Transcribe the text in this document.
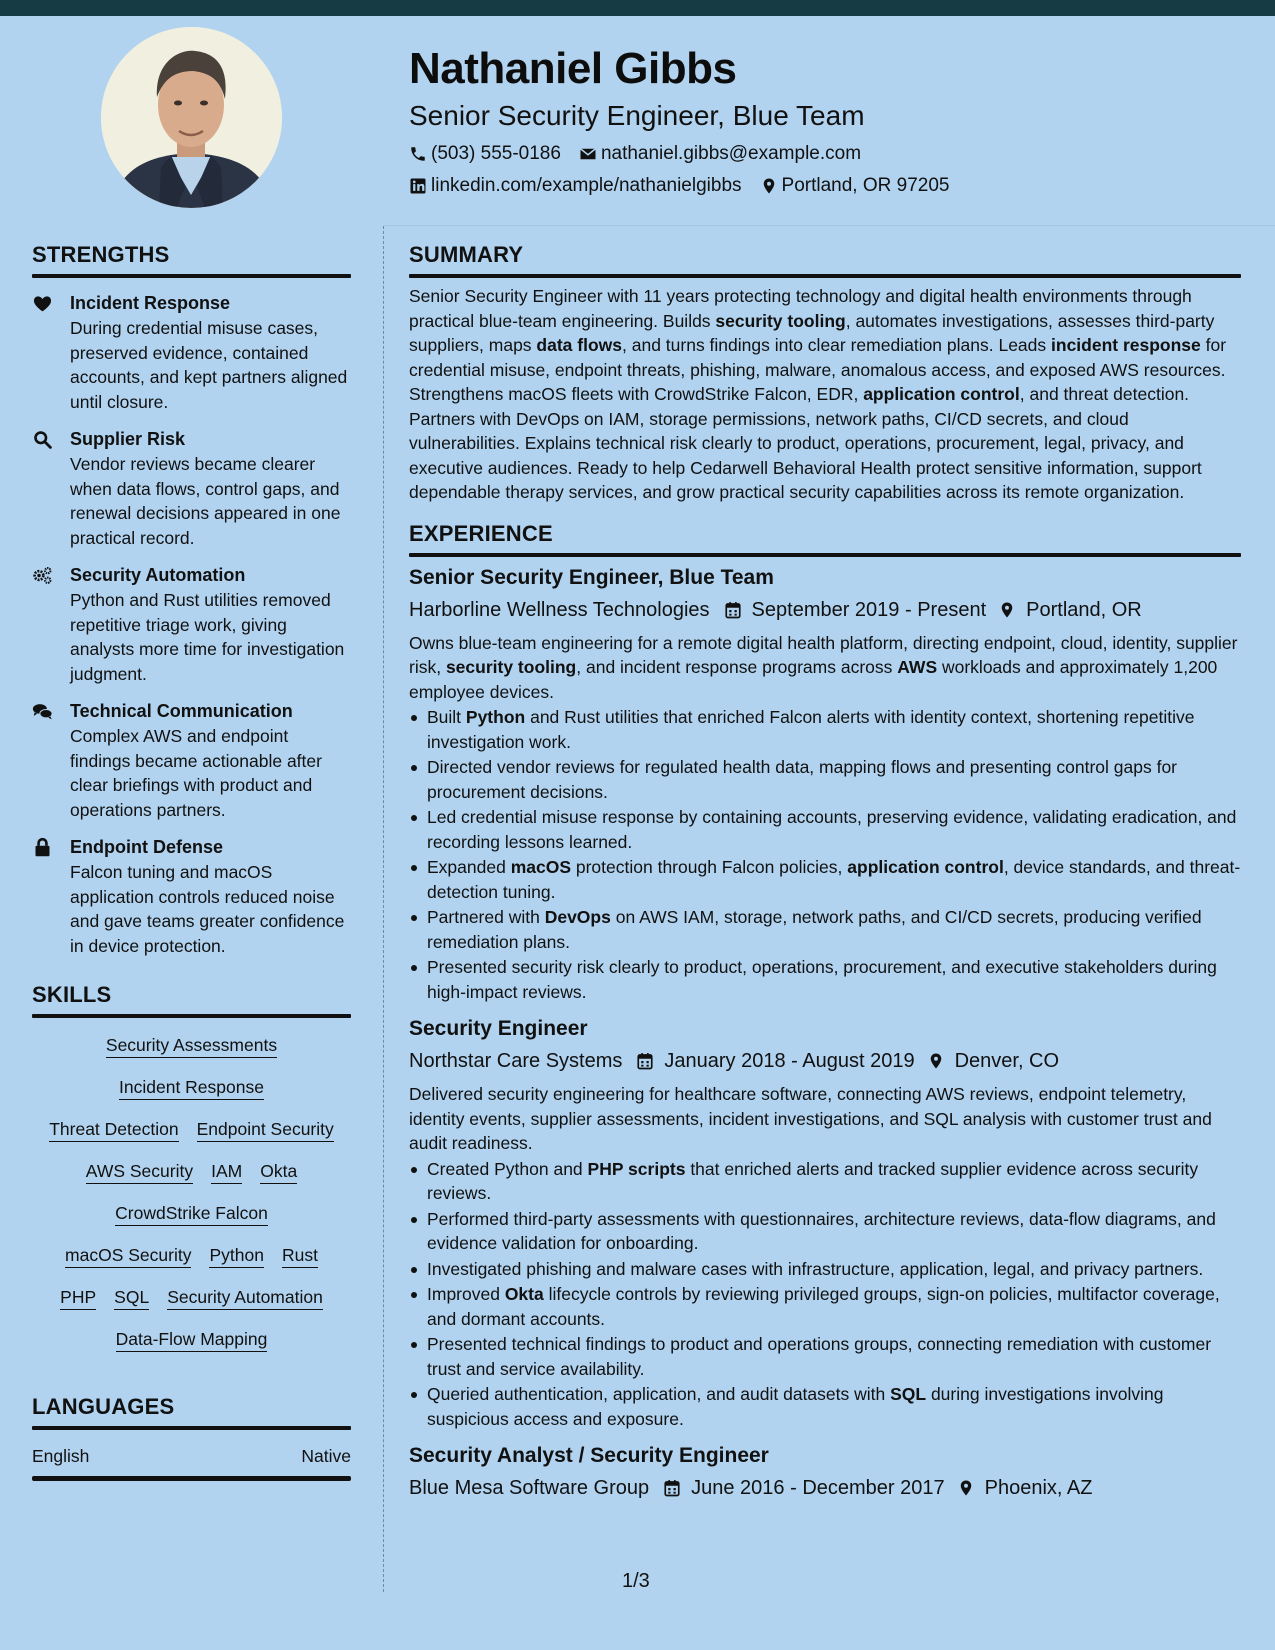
Nathaniel Gibbs
Senior Security Engineer, Blue Team
(503) 555-0186 nathaniel.gibbs@example.com
linkedin.com/example/nathanielgibbs Portland, OR 97205
STRENGTHS
Incident Response
During credential misuse cases, preserved evidence, contained accounts, and kept partners aligned until closure.
Supplier Risk
Vendor reviews became clearer when data flows, control gaps, and renewal decisions appeared in one practical record.
Security Automation
Python and Rust utilities removed repetitive triage work, giving analysts more time for investigation judgment.
Technical Communication
Complex AWS and endpoint findings became actionable after clear briefings with product and operations partners.
Endpoint Defense
Falcon tuning and macOS application controls reduced noise and gave teams greater confidence in device protection.
SKILLS
Security Assessments
Incident Response
Threat Detection Endpoint Security
AWS Security IAM Okta
CrowdStrike Falcon
macOS Security Python Rust
PHP SQL Security Automation
Data-Flow Mapping
LANGUAGES
English	Native
SUMMARY
Senior Security Engineer with 11 years protecting technology and digital health environments through practical blue-team engineering. Builds security tooling, automates investigations, assesses third-party suppliers, maps data flows, and turns findings into clear remediation plans. Leads incident response for credential misuse, endpoint threats, phishing, malware, anomalous access, and exposed AWS resources. Strengthens macOS fleets with CrowdStrike Falcon, EDR, application control, and threat detection. Partners with DevOps on IAM, storage permissions, network paths, CI/CD secrets, and cloud vulnerabilities. Explains technical risk clearly to product, operations, procurement, legal, privacy, and executive audiences. Ready to help Cedarwell Behavioral Health protect sensitive information, support dependable therapy services, and grow practical security capabilities across its remote organization.
EXPERIENCE
Senior Security Engineer, Blue Team
Harborline Wellness Technologies September 2019 - Present Portland, OR
Owns blue-team engineering for a remote digital health platform, directing endpoint, cloud, identity, supplier risk, security tooling, and incident response programs across AWS workloads and approximately 1,200 employee devices.
Built Python and Rust utilities that enriched Falcon alerts with identity context, shortening repetitive investigation work.
Directed vendor reviews for regulated health data, mapping flows and presenting control gaps for procurement decisions.
Led credential misuse response by containing accounts, preserving evidence, validating eradication, and recording lessons learned.
Expanded macOS protection through Falcon policies, application control, device standards, and threat-detection tuning.
Partnered with DevOps on AWS IAM, storage, network paths, and CI/CD secrets, producing verified remediation plans.
Presented security risk clearly to product, operations, procurement, and executive stakeholders during high-impact reviews.
Security Engineer
Northstar Care Systems January 2018 - August 2019 Denver, CO
Delivered security engineering for healthcare software, connecting AWS reviews, endpoint telemetry, identity events, supplier assessments, incident investigations, and SQL analysis with customer trust and audit readiness.
Created Python and PHP scripts that enriched alerts and tracked supplier evidence across security reviews.
Performed third-party assessments with questionnaires, architecture reviews, data-flow diagrams, and evidence validation for onboarding.
Investigated phishing and malware cases with infrastructure, application, legal, and privacy partners.
Improved Okta lifecycle controls by reviewing privileged groups, sign-on policies, multifactor coverage, and dormant accounts.
Presented technical findings to product and operations groups, connecting remediation with customer trust and service availability.
Queried authentication, application, and audit datasets with SQL during investigations involving suspicious access and exposure.
Security Analyst / Security Engineer
Blue Mesa Software Group June 2016 - December 2017 Phoenix, AZ
1/3
